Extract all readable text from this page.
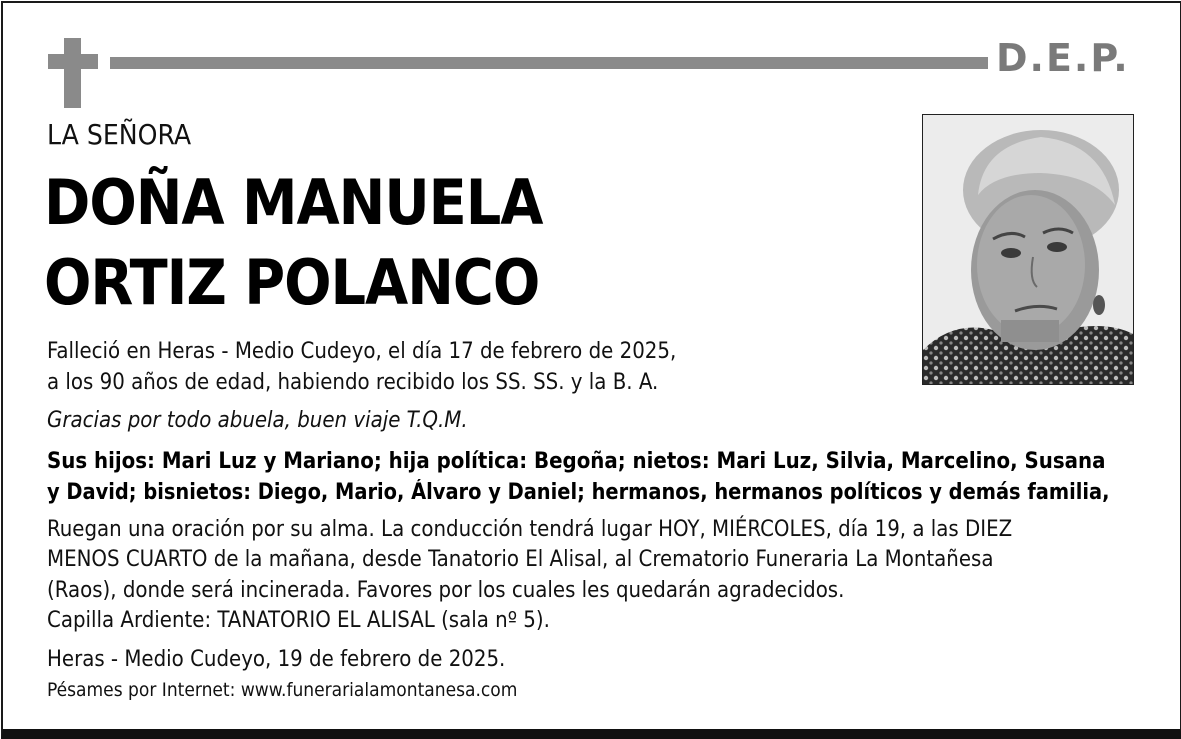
D.E.P.
LA SEÑORA
DOÑA MANUELA
ORTIZ POLANCO
Falleció en Heras - Medio Cudeyo, el día 17 de febrero de 2025,
a los 90 años de edad, habiendo recibido los SS. SS. y la B. A.
Gracias por todo abuela, buen viaje T.Q.M.
Sus hijos: Mari Luz y Mariano; hija política: Begoña; nietos: Mari Luz, Silvia, Marcelino, Susana
y David; bisnietos: Diego, Mario, Álvaro y Daniel; hermanos, hermanos políticos y demás familia,
Ruegan una oración por su alma. La conducción tendrá lugar HOY, MIÉRCOLES, día 19, a las DIEZ
MENOS CUARTO de la mañana, desde Tanatorio El Alisal, al Crematorio Funeraria La Montañesa
(Raos), donde será incinerada. Favores por los cuales les quedarán agradecidos.
Capilla Ardiente: TANATORIO EL ALISAL (sala nº 5).
Heras - Medio Cudeyo, 19 de febrero de 2025.
Pésames por Internet: www.funerarialamontanesa.com
